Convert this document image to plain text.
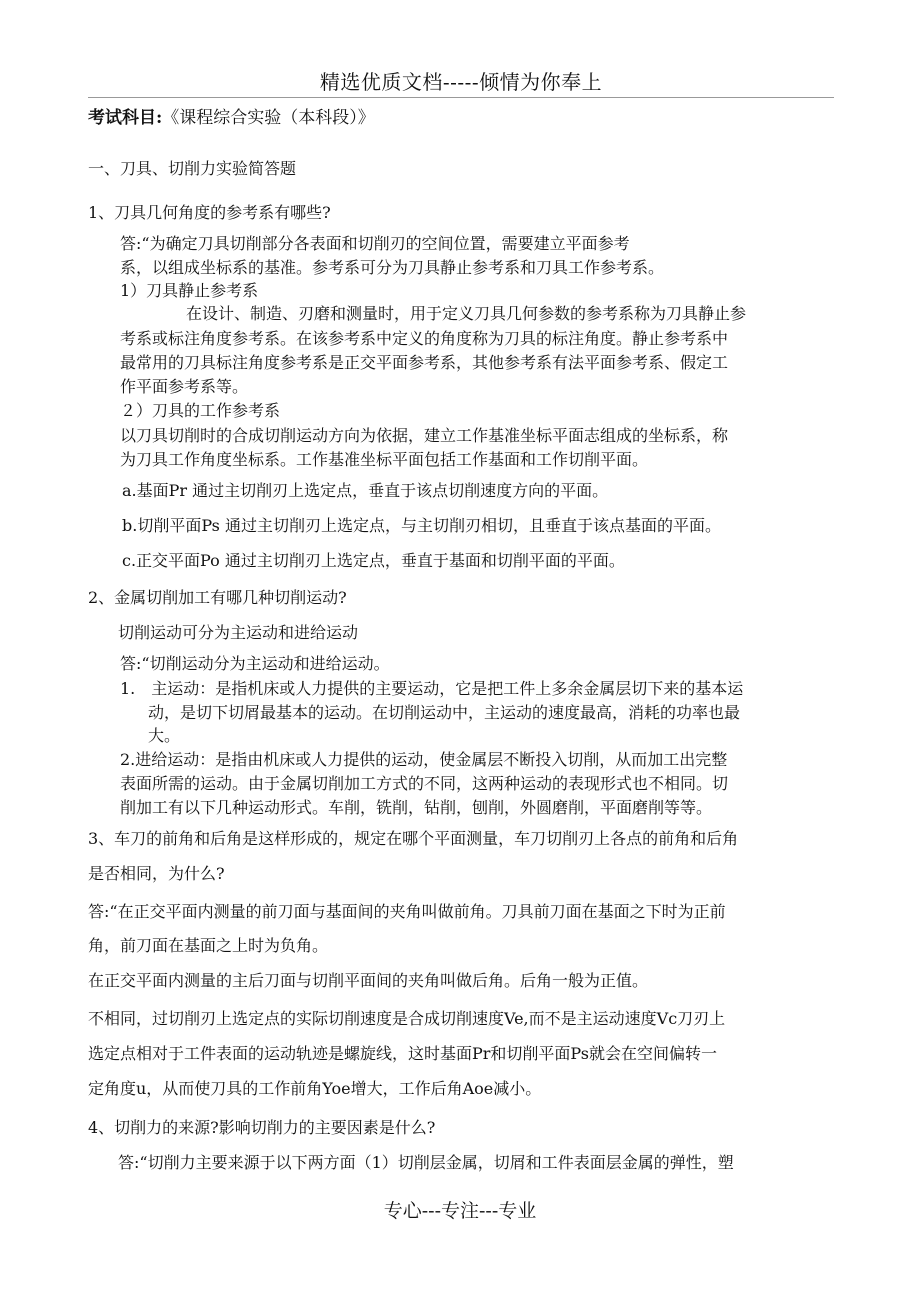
精选优质文档-----倾情为你奉上
考试科目:《课程综合实验（本科段）》
一、刀具、切削力实验简答题
1、刀具几何角度的参考系有哪些?
答:“为确定刀具切削部分各表面和切削刃的空间位置，需要建立平面参考
系，以组成坐标系的基准。参考系可分为刀具静止参考系和刀具工作参考系。
1）刀具静止参考系
在设计、制造、刃磨和测量时，用于定义刀具几何参数的参考系称为刀具静止参
考系或标注角度参考系。在该参考系中定义的角度称为刀具的标注角度。静止参考系中
最常用的刀具标注角度参考系是正交平面参考系，其他参考系有法平面参考系、假定工
作平面参考系等。
２）刀具的工作参考系
以刀具切削时的合成切削运动方向为依据，建立工作基准坐标平面志组成的坐标系，称
为刀具工作角度坐标系。工作基准坐标平面包括工作基面和工作切削平面。
a.基面Pr 通过主切削刃上选定点，垂直于该点切削速度方向的平面。
b.切削平面Ps 通过主切削刃上选定点，与主切削刃相切，且垂直于该点基面的平面。
c.正交平面Po 通过主切削刃上选定点，垂直于基面和切削平面的平面。
2、金属切削加工有哪几种切削运动?
切削运动可分为主运动和进给运动
答:“切削运动分为主运动和进给运动。
1.　主运动：是指机床或人力提供的主要运动，它是把工件上多余金属层切下来的基本运
动，是切下切屑最基本的运动。在切削运动中，主运动的速度最高，消耗的功率也最
大。
2.进给运动：是指由机床或人力提供的运动，使金属层不断投入切削，从而加工出完整
表面所需的运动。由于金属切削加工方式的不同，这两种运动的表现形式也不相同。切
削加工有以下几种运动形式。车削，铣削，钻削，刨削，外圆磨削，平面磨削等等。
3、车刀的前角和后角是这样形成的，规定在哪个平面测量，车刀切削刃上各点的前角和后角
是否相同，为什么?
答:“在正交平面内测量的前刀面与基面间的夹角叫做前角。刀具前刀面在基面之下时为正前
角，前刀面在基面之上时为负角。
在正交平面内测量的主后刀面与切削平面间的夹角叫做后角。后角一般为正值。
不相同，过切削刃上选定点的实际切削速度是合成切削速度Ve,而不是主运动速度Vc刀刃上
选定点相对于工件表面的运动轨迹是螺旋线，这时基面Pr和切削平面Ps就会在空间偏转一
定角度u，从而使刀具的工作前角Yoe增大，工作后角Aoe减小。
4、切削力的来源?影响切削力的主要因素是什么?
答:“切削力主要来源于以下两方面（1）切削层金属，切屑和工件表面层金属的弹性，塑
专心---专注---专业
